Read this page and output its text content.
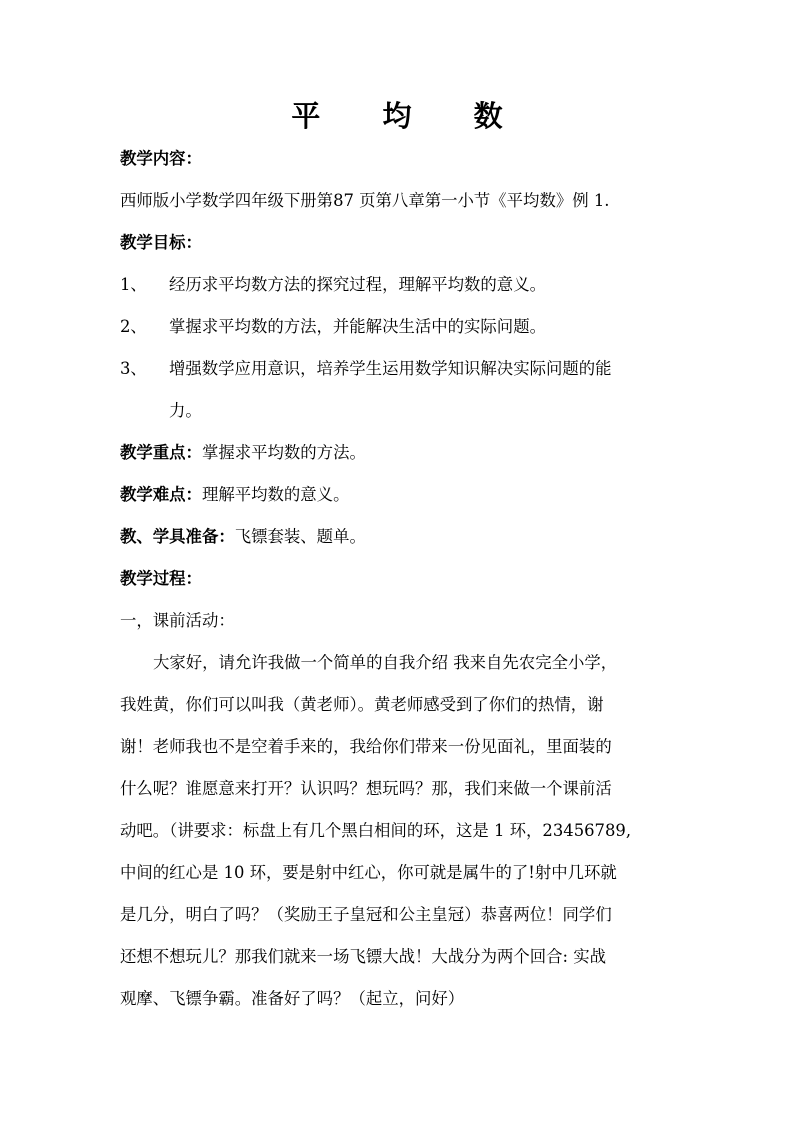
平 均 数
教学内容：
西师版小学数学四年级下册第87 页第八章第一小节《平均数》例 1.
教学目标：
1、 经历求平均数方法的探究过程，理解平均数的意义。
2、 掌握求平均数的方法，并能解决生活中的实际问题。
3、 增强数学应用意识，培养学生运用数学知识解决实际问题的能
力。
教学重点：掌握求平均数的方法。
教学难点：理解平均数的意义。
教、学具准备：飞镖套装、题单。
教学过程：
一，课前活动：
大家好，请允许我做一个简单的自我介绍 我来自先农完全小学，
我姓黄，你们可以叫我（黄老师）。黄老师感受到了你们的热情，谢
谢！老师我也不是空着手来的，我给你们带来一份见面礼，里面装的
什么呢？谁愿意来打开？认识吗？想玩吗？那，我们来做一个课前活
动吧。（讲要求：标盘上有几个黑白相间的环，这是 1 环，23456789,
中间的红心是 10 环，要是射中红心，你可就是属牛的了!射中几环就
是几分，明白了吗？（奖励王子皇冠和公主皇冠）恭喜两位！同学们
还想不想玩儿？那我们就来一场飞镖大战！大战分为两个回合: 实战
观摩、飞镖争霸。准备好了吗？（起立，问好）
